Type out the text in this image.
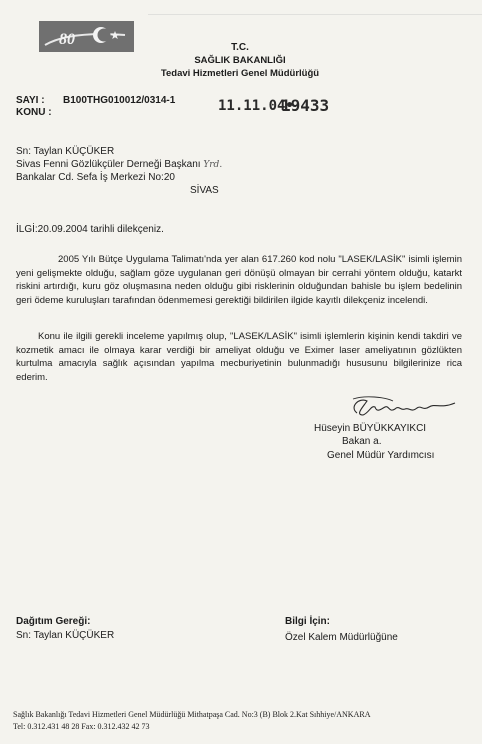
80	T.C.
SAĞLIK BAKANLIĞI
Tedavi Hizmetleri Genel Müdürlüğü
SAYI : B100THG010012/0314-1
KONU :	11.11.04•
19433
Sn: Taylan KÜÇÜKER
Sivas Fenni Gözlükçüler Derneği Başkanı Yrd.
Bankalar Cd. Sefa İş Merkezi No:20
SİVAS
İLGİ:20.09.2004 tarihli dilekçeniz.
2005 Yılı Bütçe Uygulama Talimatı'nda yer alan 617.260 kod nolu "LASEK/LASİK" isimli işlemin yeni gelişmekte olduğu, sağlam göze uygulanan geri dönüşü olmayan bir cerrahi yöntem olduğu, katarkt riskini artırdığı, kuru göz oluşmasına neden olduğu gibi risklerinin olduğundan bahisle bu işlem bedelinin geri ödeme kuruluşları tarafından ödenmemesi gerektiği bildirilen ilgide kayıtlı dilekçeniz incelendi.
Konu ile ilgili gerekli inceleme yapılmış olup, "LASEK/LASİK" isimli işlemlerin kişinin kendi takdiri ve kozmetik amacı ile olmaya karar verdiği bir ameliyat olduğu ve Eximer laser ameliyatının gözlükten kurtulma amacıyla sağlık açısından yapılma mecburiyetinin bulunmadığı hususunu bilgilerinize rica ederim.
Hüseyin BÜYÜKKAYIKCI
Bakan a.
Genel Müdür Yardımcısı
Dağıtım Gereği:
Sn: Taylan KÜÇÜKER
Bilgi İçin:
Özel Kalem Müdürlüğüne
Sağlık Bakanlığı Tedavi Hizmetleri Genel Müdürlüğü Mithatpaşa Cad. No:3 (B) Blok 2.Kat Sıhhiye/ANKARA
Tel: 0.312.431 48 28 Fax: 0.312.432 42 73
